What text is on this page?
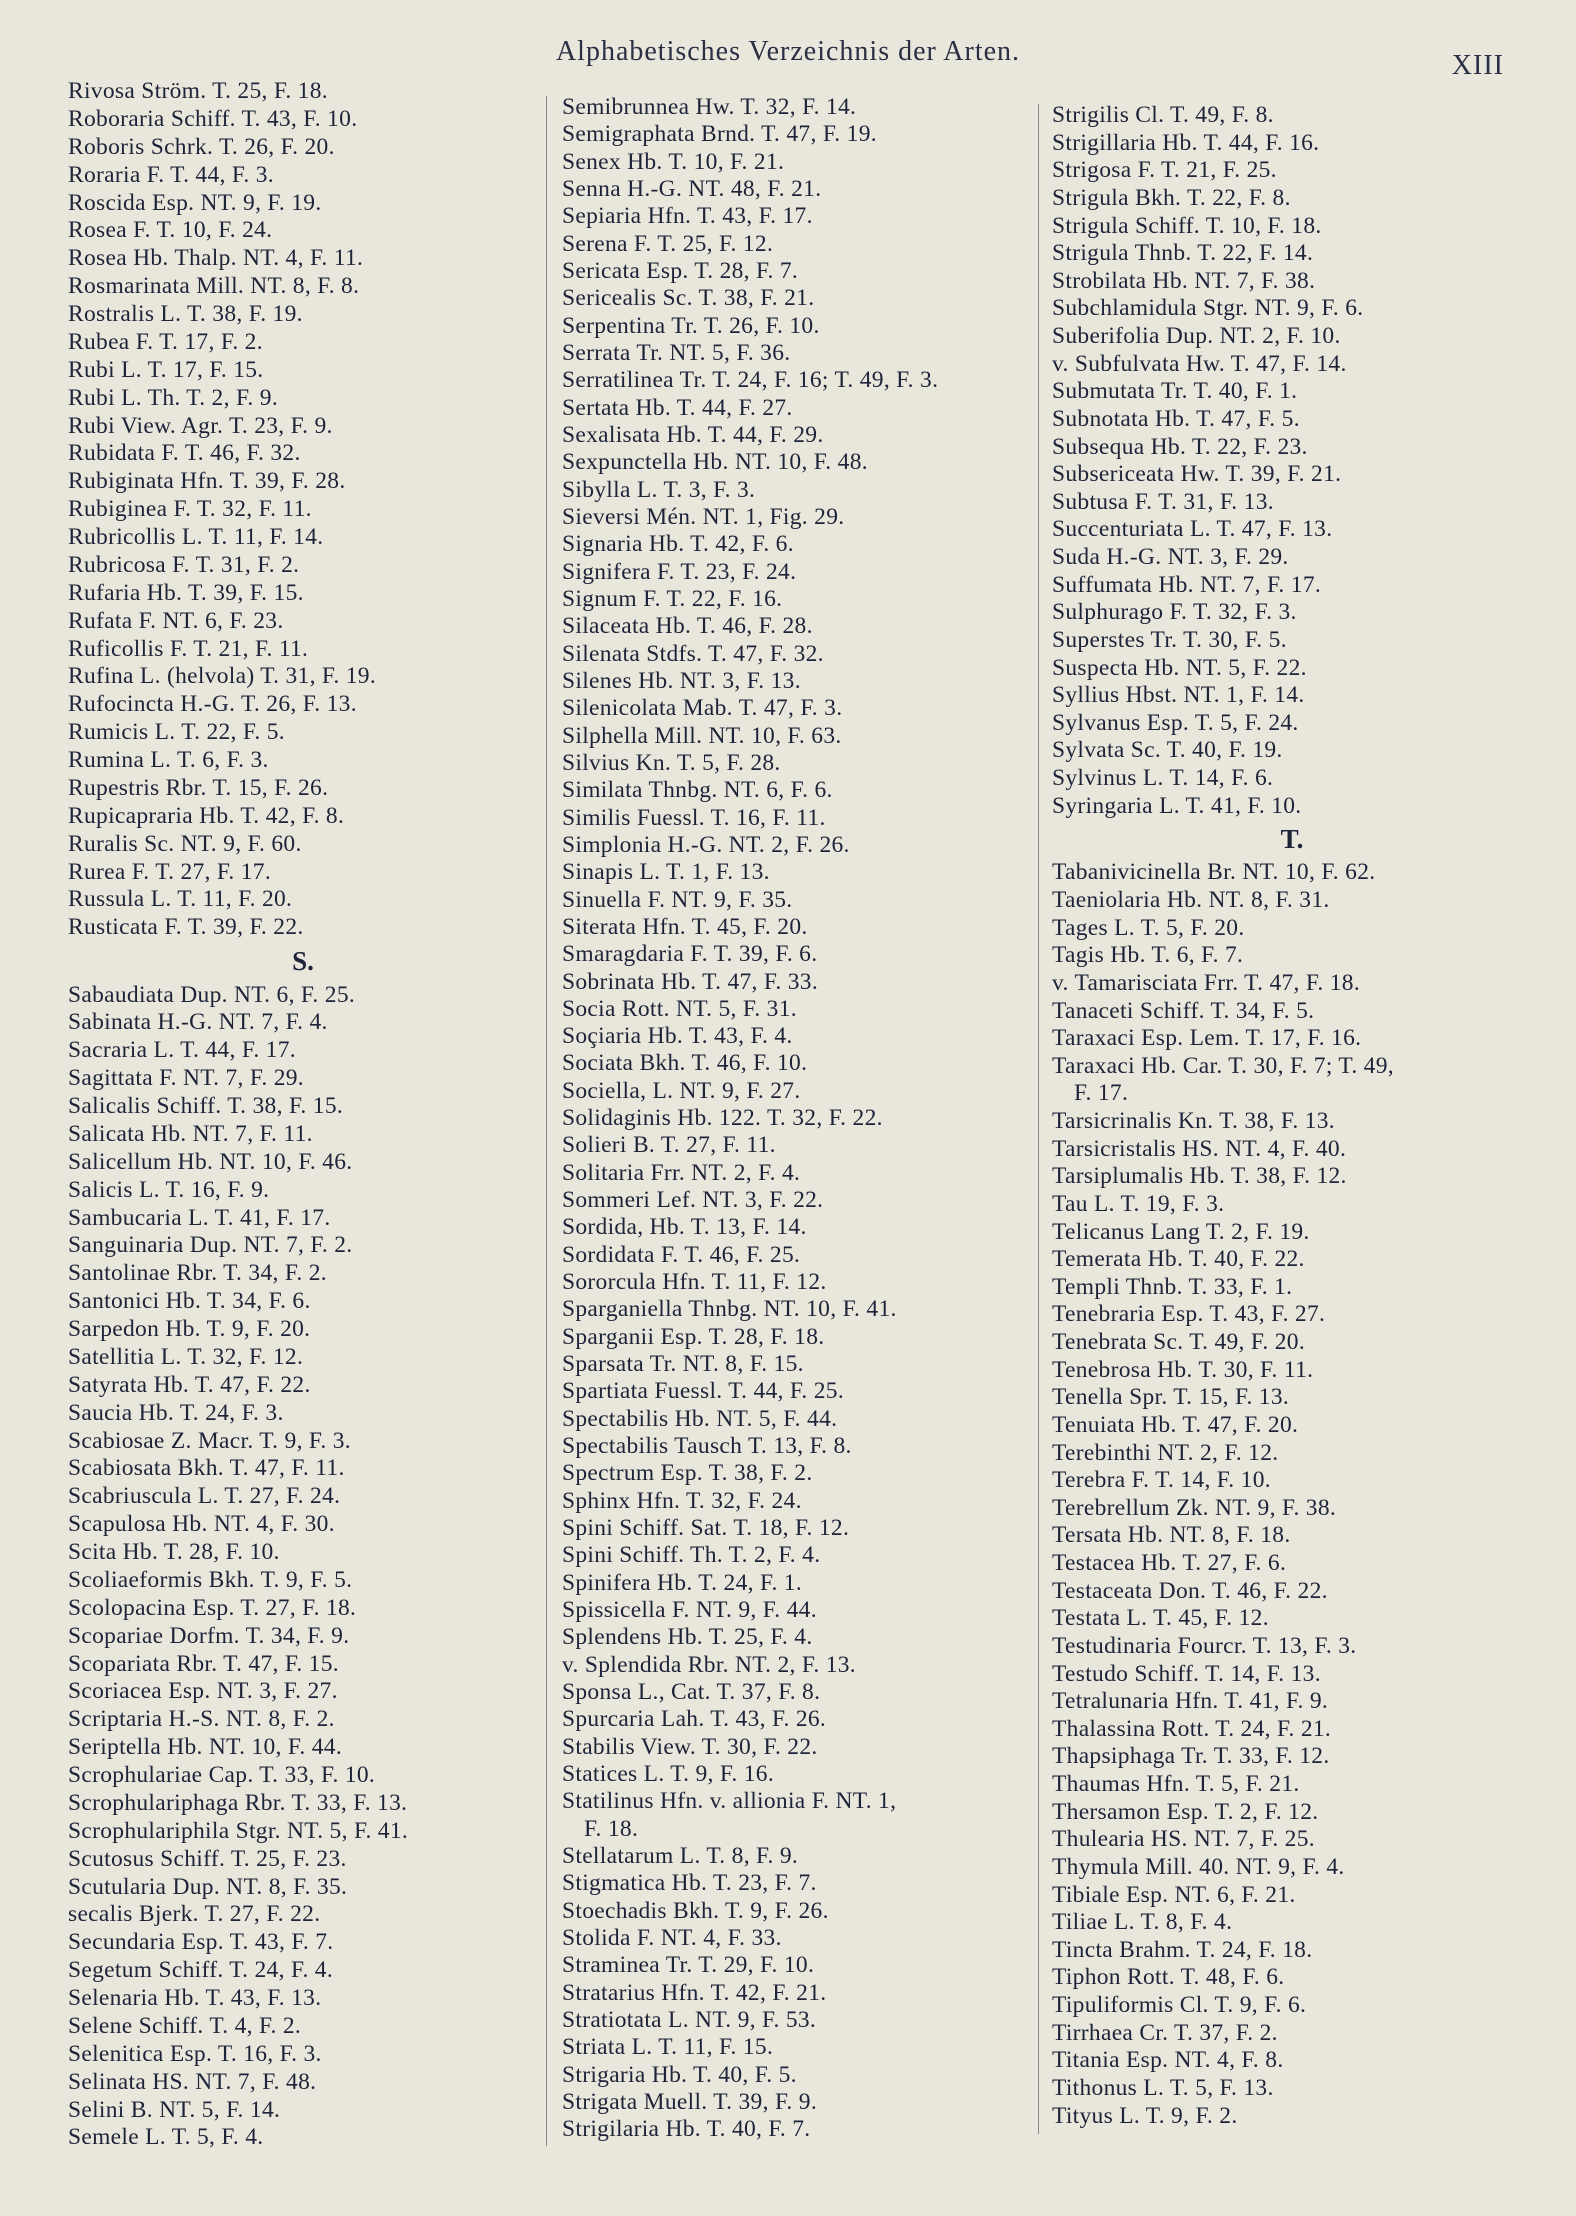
Alphabetisches Verzeichnis der Arten.	XIII
Rivosa Ström. T. 25, F. 18.
Roboraria Schiff. T. 43, F. 10.
Roboris Schrk. T. 26, F. 20.
Roraria F. T. 44, F. 3.
Roscida Esp. NT. 9, F. 19.
Rosea F. T. 10, F. 24.
Rosea Hb. Thalp. NT. 4, F. 11.
Rosmarinata Mill. NT. 8, F. 8.
Rostralis L. T. 38, F. 19.
Rubea F. T. 17, F. 2.
Rubi L. T. 17, F. 15.
Rubi L. Th. T. 2, F. 9.
Rubi View. Agr. T. 23, F. 9.
Rubidata F. T. 46, F. 32.
Rubiginata Hfn. T. 39, F. 28.
Rubiginea F. T. 32, F. 11.
Rubricollis L. T. 11, F. 14.
Rubricosa F. T. 31, F. 2.
Rufaria Hb. T. 39, F. 15.
Rufata F. NT. 6, F. 23.
Ruficollis F. T. 21, F. 11.
Rufina L. (helvola) T. 31, F. 19.
Rufocincta H.-G. T. 26, F. 13.
Rumicis L. T. 22, F. 5.
Rumina L. T. 6, F. 3.
Rupestris Rbr. T. 15, F. 26.
Rupicapraria Hb. T. 42, F. 8.
Ruralis Sc. NT. 9, F. 60.
Rurea F. T. 27, F. 17.
Russula L. T. 11, F. 20.
Rusticata F. T. 39, F. 22.
S.
Sabaudiata Dup. NT. 6, F. 25.
Sabinata H.-G. NT. 7, F. 4.
Sacraria L. T. 44, F. 17.
Sagittata F. NT. 7, F. 29.
Salicalis Schiff. T. 38, F. 15.
Salicata Hb. NT. 7, F. 11.
Salicellum Hb. NT. 10, F. 46.
Salicis L. T. 16, F. 9.
Sambucaria L. T. 41, F. 17.
Sanguinaria Dup. NT. 7, F. 2.
Santolinae Rbr. T. 34, F. 2.
Santonici Hb. T. 34, F. 6.
Sarpedon Hb. T. 9, F. 20.
Satellitia L. T. 32, F. 12.
Satyrata Hb. T. 47, F. 22.
Saucia Hb. T. 24, F. 3.
Scabiosae Z. Macr. T. 9, F. 3.
Scabiosata Bkh. T. 47, F. 11.
Scabriuscula L. T. 27, F. 24.
Scapulosa Hb. NT. 4, F. 30.
Scita Hb. T. 28, F. 10.
Scoliaeformis Bkh. T. 9, F. 5.
Scolopacina Esp. T. 27, F. 18.
Scopariae Dorfm. T. 34, F. 9.
Scopariata Rbr. T. 47, F. 15.
Scoriacea Esp. NT. 3, F. 27.
Scriptaria H.-S. NT. 8, F. 2.
Seriptella Hb. NT. 10, F. 44.
Scrophulariae Cap. T. 33, F. 10.
Scrophulariphaga Rbr. T. 33, F. 13.
Scrophulariphila Stgr. NT. 5, F. 41.
Scutosus Schiff. T. 25, F. 23.
Scutularia Dup. NT. 8, F. 35.
secalis Bjerk. T. 27, F. 22.
Secundaria Esp. T. 43, F. 7.
Segetum Schiff. T. 24, F. 4.
Selenaria Hb. T. 43, F. 13.
Selene Schiff. T. 4, F. 2.
Selenitica Esp. T. 16, F. 3.
Selinata HS. NT. 7, F. 48.
Selini B. NT. 5, F. 14.
Semele L. T. 5, F. 4.
Semibrunnea Hw. T. 32, F. 14.
Semigraphata Brnd. T. 47, F. 19.
Senex Hb. T. 10, F. 21.
Senna H.-G. NT. 48, F. 21.
Sepiaria Hfn. T. 43, F. 17.
Serena F. T. 25, F. 12.
Sericata Esp. T. 28, F. 7.
Sericealis Sc. T. 38, F. 21.
Serpentina Tr. T. 26, F. 10.
Serrata Tr. NT. 5, F. 36.
Serratilinea Tr. T. 24, F. 16; T. 49, F. 3.
Sertata Hb. T. 44, F. 27.
Sexalisata Hb. T. 44, F. 29.
Sexpunctella Hb. NT. 10, F. 48.
Sibylla L. T. 3, F. 3.
Sieversi Mén. NT. 1, Fig. 29.
Signaria Hb. T. 42, F. 6.
Signifera F. T. 23, F. 24.
Signum F. T. 22, F. 16.
Silaceata Hb. T. 46, F. 28.
Silenata Stdfs. T. 47, F. 32.
Silenes Hb. NT. 3, F. 13.
Silenicolata Mab. T. 47, F. 3.
Silphella Mill. NT. 10, F. 63.
Silvius Kn. T. 5, F. 28.
Similata Thnbg. NT. 6, F. 6.
Similis Fuessl. T. 16, F. 11.
Simplonia H.-G. NT. 2, F. 26.
Sinapis L. T. 1, F. 13.
Sinuella F. NT. 9, F. 35.
Siterata Hfn. T. 45, F. 20.
Smaragdaria F. T. 39, F. 6.
Sobrinata Hb. T. 47, F. 33.
Socia Rott. NT. 5, F. 31.
Soçiaria Hb. T. 43, F. 4.
Sociata Bkh. T. 46, F. 10.
Sociella, L. NT. 9, F. 27.
Solidaginis Hb. 122. T. 32, F. 22.
Solieri B. T. 27, F. 11.
Solitaria Frr. NT. 2, F. 4.
Sommeri Lef. NT. 3, F. 22.
Sordida, Hb. T. 13, F. 14.
Sordidata F. T. 46, F. 25.
Sororcula Hfn. T. 11, F. 12.
Sparganiella Thnbg. NT. 10, F. 41.
Sparganii Esp. T. 28, F. 18.
Sparsata Tr. NT. 8, F. 15.
Spartiata Fuessl. T. 44, F. 25.
Spectabilis Hb. NT. 5, F. 44.
Spectabilis Tausch T. 13, F. 8.
Spectrum Esp. T. 38, F. 2.
Sphinx Hfn. T. 32, F. 24.
Spini Schiff. Sat. T. 18, F. 12.
Spini Schiff. Th. T. 2, F. 4.
Spinifera Hb. T. 24, F. 1.
Spissicella F. NT. 9, F. 44.
Splendens Hb. T. 25, F. 4.
v. Splendida Rbr. NT. 2, F. 13.
Sponsa L., Cat. T. 37, F. 8.
Spurcaria Lah. T. 43, F. 26.
Stabilis View. T. 30, F. 22.
Statices L. T. 9, F. 16.
Statilinus Hfn. v. allionia F. NT. 1,
F. 18.
Stellatarum L. T. 8, F. 9.
Stigmatica Hb. T. 23, F. 7.
Stoechadis Bkh. T. 9, F. 26.
Stolida F. NT. 4, F. 33.
Straminea Tr. T. 29, F. 10.
Stratarius Hfn. T. 42, F. 21.
Stratiotata L. NT. 9, F. 53.
Striata L. T. 11, F. 15.
Strigaria Hb. T. 40, F. 5.
Strigata Muell. T. 39, F. 9.
Strigilaria Hb. T. 40, F. 7.
Strigilis Cl. T. 49, F. 8.
Strigillaria Hb. T. 44, F. 16.
Strigosa F. T. 21, F. 25.
Strigula Bkh. T. 22, F. 8.
Strigula Schiff. T. 10, F. 18.
Strigula Thnb. T. 22, F. 14.
Strobilata Hb. NT. 7, F. 38.
Subchlamidula Stgr. NT. 9, F. 6.
Suberifolia Dup. NT. 2, F. 10.
v. Subfulvata Hw. T. 47, F. 14.
Submutata Tr. T. 40, F. 1.
Subnotata Hb. T. 47, F. 5.
Subsequa Hb. T. 22, F. 23.
Subsericeata Hw. T. 39, F. 21.
Subtusa F. T. 31, F. 13.
Succenturiata L. T. 47, F. 13.
Suda H.-G. NT. 3, F. 29.
Suffumata Hb. NT. 7, F. 17.
Sulphurago F. T. 32, F. 3.
Superstes Tr. T. 30, F. 5.
Suspecta Hb. NT. 5, F. 22.
Syllius Hbst. NT. 1, F. 14.
Sylvanus Esp. T. 5, F. 24.
Sylvata Sc. T. 40, F. 19.
Sylvinus L. T. 14, F. 6.
Syringaria L. T. 41, F. 10.
T.
Tabanivicinella Br. NT. 10, F. 62.
Taeniolaria Hb. NT. 8, F. 31.
Tages L. T. 5, F. 20.
Tagis Hb. T. 6, F. 7.
v. Tamarisciata Frr. T. 47, F. 18.
Tanaceti Schiff. T. 34, F. 5.
Taraxaci Esp. Lem. T. 17, F. 16.
Taraxaci Hb. Car. T. 30, F. 7; T. 49,
F. 17.
Tarsicrinalis Kn. T. 38, F. 13.
Tarsicristalis HS. NT. 4, F. 40.
Tarsiplumalis Hb. T. 38, F. 12.
Tau L. T. 19, F. 3.
Telicanus Lang T. 2, F. 19.
Temerata Hb. T. 40, F. 22.
Templi Thnb. T. 33, F. 1.
Tenebraria Esp. T. 43, F. 27.
Tenebrata Sc. T. 49, F. 20.
Tenebrosa Hb. T. 30, F. 11.
Tenella Spr. T. 15, F. 13.
Tenuiata Hb. T. 47, F. 20.
Terebinthi NT. 2, F. 12.
Terebra F. T. 14, F. 10.
Terebrellum Zk. NT. 9, F. 38.
Tersata Hb. NT. 8, F. 18.
Testacea Hb. T. 27, F. 6.
Testaceata Don. T. 46, F. 22.
Testata L. T. 45, F. 12.
Testudinaria Fourcr. T. 13, F. 3.
Testudo Schiff. T. 14, F. 13.
Tetralunaria Hfn. T. 41, F. 9.
Thalassina Rott. T. 24, F. 21.
Thapsiphaga Tr. T. 33, F. 12.
Thaumas Hfn. T. 5, F. 21.
Thersamon Esp. T. 2, F. 12.
Thulearia HS. NT. 7, F. 25.
Thymula Mill. 40. NT. 9, F. 4.
Tibiale Esp. NT. 6, F. 21.
Tiliae L. T. 8, F. 4.
Tincta Brahm. T. 24, F. 18.
Tiphon Rott. T. 48, F. 6.
Tipuliformis Cl. T. 9, F. 6.
Tirrhaea Cr. T. 37, F. 2.
Titania Esp. NT. 4, F. 8.
Tithonus L. T. 5, F. 13.
Tityus L. T. 9, F. 2.
